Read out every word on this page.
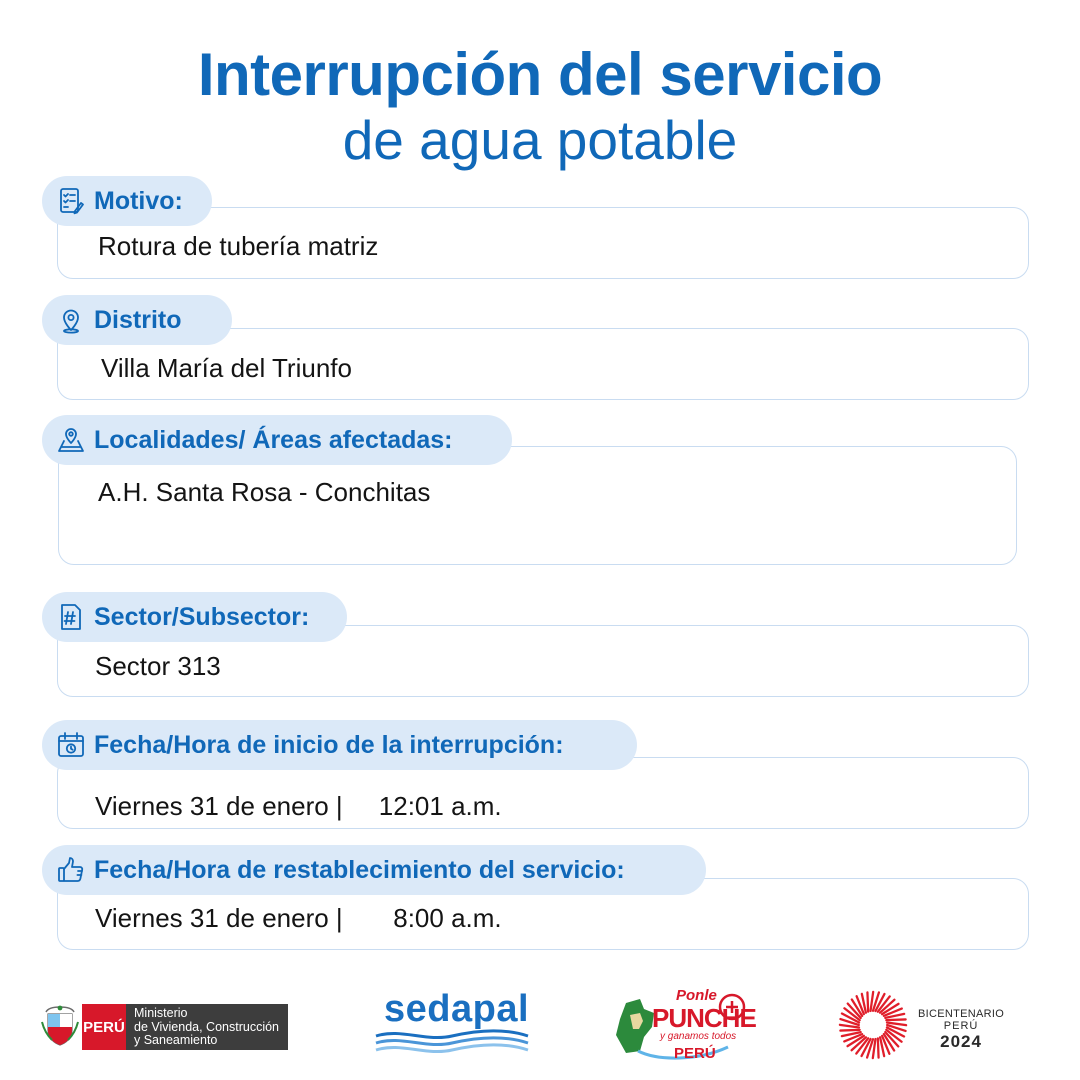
Interrupción del servicio
de agua potable
Rotura de tubería matriz
Motivo:
Villa María del Triunfo
Distrito
A.H. Santa Rosa - Conchitas
Localidades/ Áreas afectadas:
Sector 313
Sector/Subsector:
Viernes 31 de enero |     12:01 a.m.
Fecha/Hora de inicio de la interrupción:
Viernes 31 de enero |       8:00 a.m.
Fecha/Hora de restablecimiento del servicio:
PERÚ
Ministerio
de Vivienda, Construcción
y Saneamiento
sedapal	Ponle
PUNCHE
y ganamos todos
PERÚ
BICENTENARIO
PERÚ
2024
